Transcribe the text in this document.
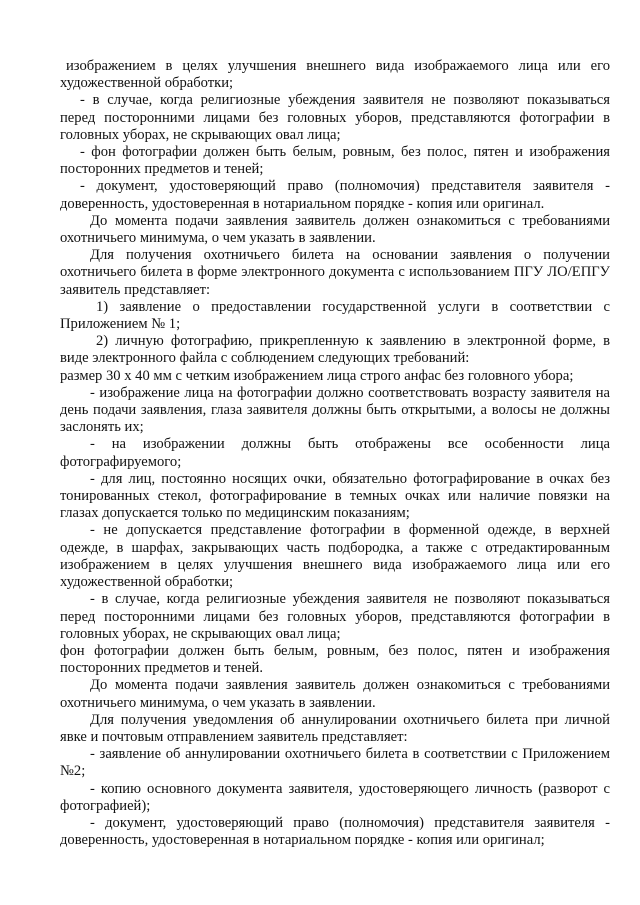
изображением в целях улучшения внешнего вида изображаемого лица или его художественной обработки;

- в случае, когда религиозные убеждения заявителя не позволяют показываться перед посторонними лицами без головных уборов, представляются фотографии в головных уборах, не скрывающих овал лица;

- фон фотографии должен быть белым, ровным, без полос, пятен и изображения посторонних предметов и теней;

- документ, удостоверяющий право (полномочия) представителя заявителя - доверенность, удостоверенная в нотариальном порядке - копия или оригинал.

До момента подачи заявления заявитель должен ознакомиться с требованиями охотничьего минимума, о чем указать в заявлении.

Для получения охотничьего билета на основании заявления о получении охотничьего билета в форме электронного документа с использованием ПГУ ЛО/ЕПГУ заявитель представляет:

1) заявление о предоставлении государственной услуги в соответствии с Приложением № 1;

2) личную фотографию, прикрепленную к заявлению в электронной форме, в виде электронного файла с соблюдением следующих требований:

размер 30 х 40 мм с четким изображением лица строго анфас без головного убора;

- изображение лица на фотографии должно соответствовать возрасту заявителя на день подачи заявления, глаза заявителя должны быть открытыми, а волосы не должны заслонять их;

- на изображении должны быть отображены все особенности лица фотографируемого;

- для лиц, постоянно носящих очки, обязательно фотографирование в очках без тонированных стекол, фотографирование в темных очках или наличие повязки на глазах допускается только по медицинским показаниям;

- не допускается представление фотографии в форменной одежде, в верхней одежде, в шарфах, закрывающих часть подбородка, а также с отредактированным изображением в целях улучшения внешнего вида изображаемого лица или его художественной обработки;

- в случае, когда религиозные убеждения заявителя не позволяют показываться перед посторонними лицами без головных уборов, представляются фотографии в головных уборах, не скрывающих овал лица;

фон фотографии должен быть белым, ровным, без полос, пятен и изображения посторонних предметов и теней.

До момента подачи заявления заявитель должен ознакомиться с требованиями охотничьего минимума, о чем указать в заявлении.

Для получения уведомления об аннулировании охотничьего билета при личной явке и почтовым отправлением заявитель представляет:

- заявление об аннулировании охотничьего билета в соответствии с Приложением №2;

- копию основного документа заявителя, удостоверяющего личность (разворот с фотографией);

- документ, удостоверяющий право (полномочия) представителя заявителя - доверенность, удостоверенная в нотариальном порядке - копия или оригинал;
